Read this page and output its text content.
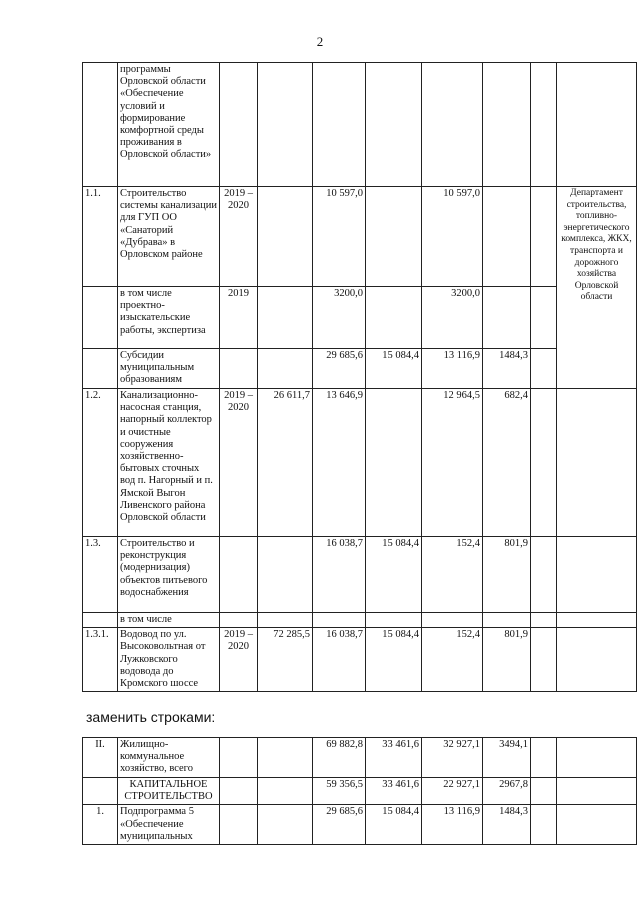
2
	программы Орловской области «Обеспечение условий и формирование комфортной среды проживания в Орловской области»								
1.1.	Строительство системы канализации для ГУП ОО «Санаторий «Дубрава» в Орловском районе	2019 – 2020		10 597,0		10 597,0			Департамент строительства, топливно-энергетического комплекса, ЖКХ, транспорта и дорожного хозяйства Орловской области
	в том числе проектно-изыскательские работы, экспертиза	2019		3200,0		3200,0			
	Субсидии муниципальным образованиям			29 685,6	15 084,4	13 116,9	1484,3		
1.2.	Канализационно-насосная станция, напорный коллектор и очистные сооружения хозяйственно-бытовых сточных вод п. Нагорный и п. Ямской Выгон Ливенского района Орловской области	2019 – 2020	26 611,7	13 646,9		12 964,5	682,4		
1.3.	Строительство и реконструкция (модернизация) объектов питьевого водоснабжения			16 038,7	15 084,4	152,4	801,9		
	в том числе								
1.3.1.	Водовод по ул. Высоковольтная от Лужковского водовода до Кромского шоссе	2019 – 2020	72 285,5	16 038,7	15 084,4	152,4	801,9		
заменить строками:
II.	Жилищно-коммунальное хозяйство, всего			69 882,8	33 461,6	32 927,1	3494,1		
	КАПИТАЛЬНОЕ СТРОИТЕЛЬСТВО			59 356,5	33 461,6	22 927,1	2967,8		
1.	Подпрограмма 5 «Обеспечение муниципальных			29 685,6	15 084,4	13 116,9	1484,3		
